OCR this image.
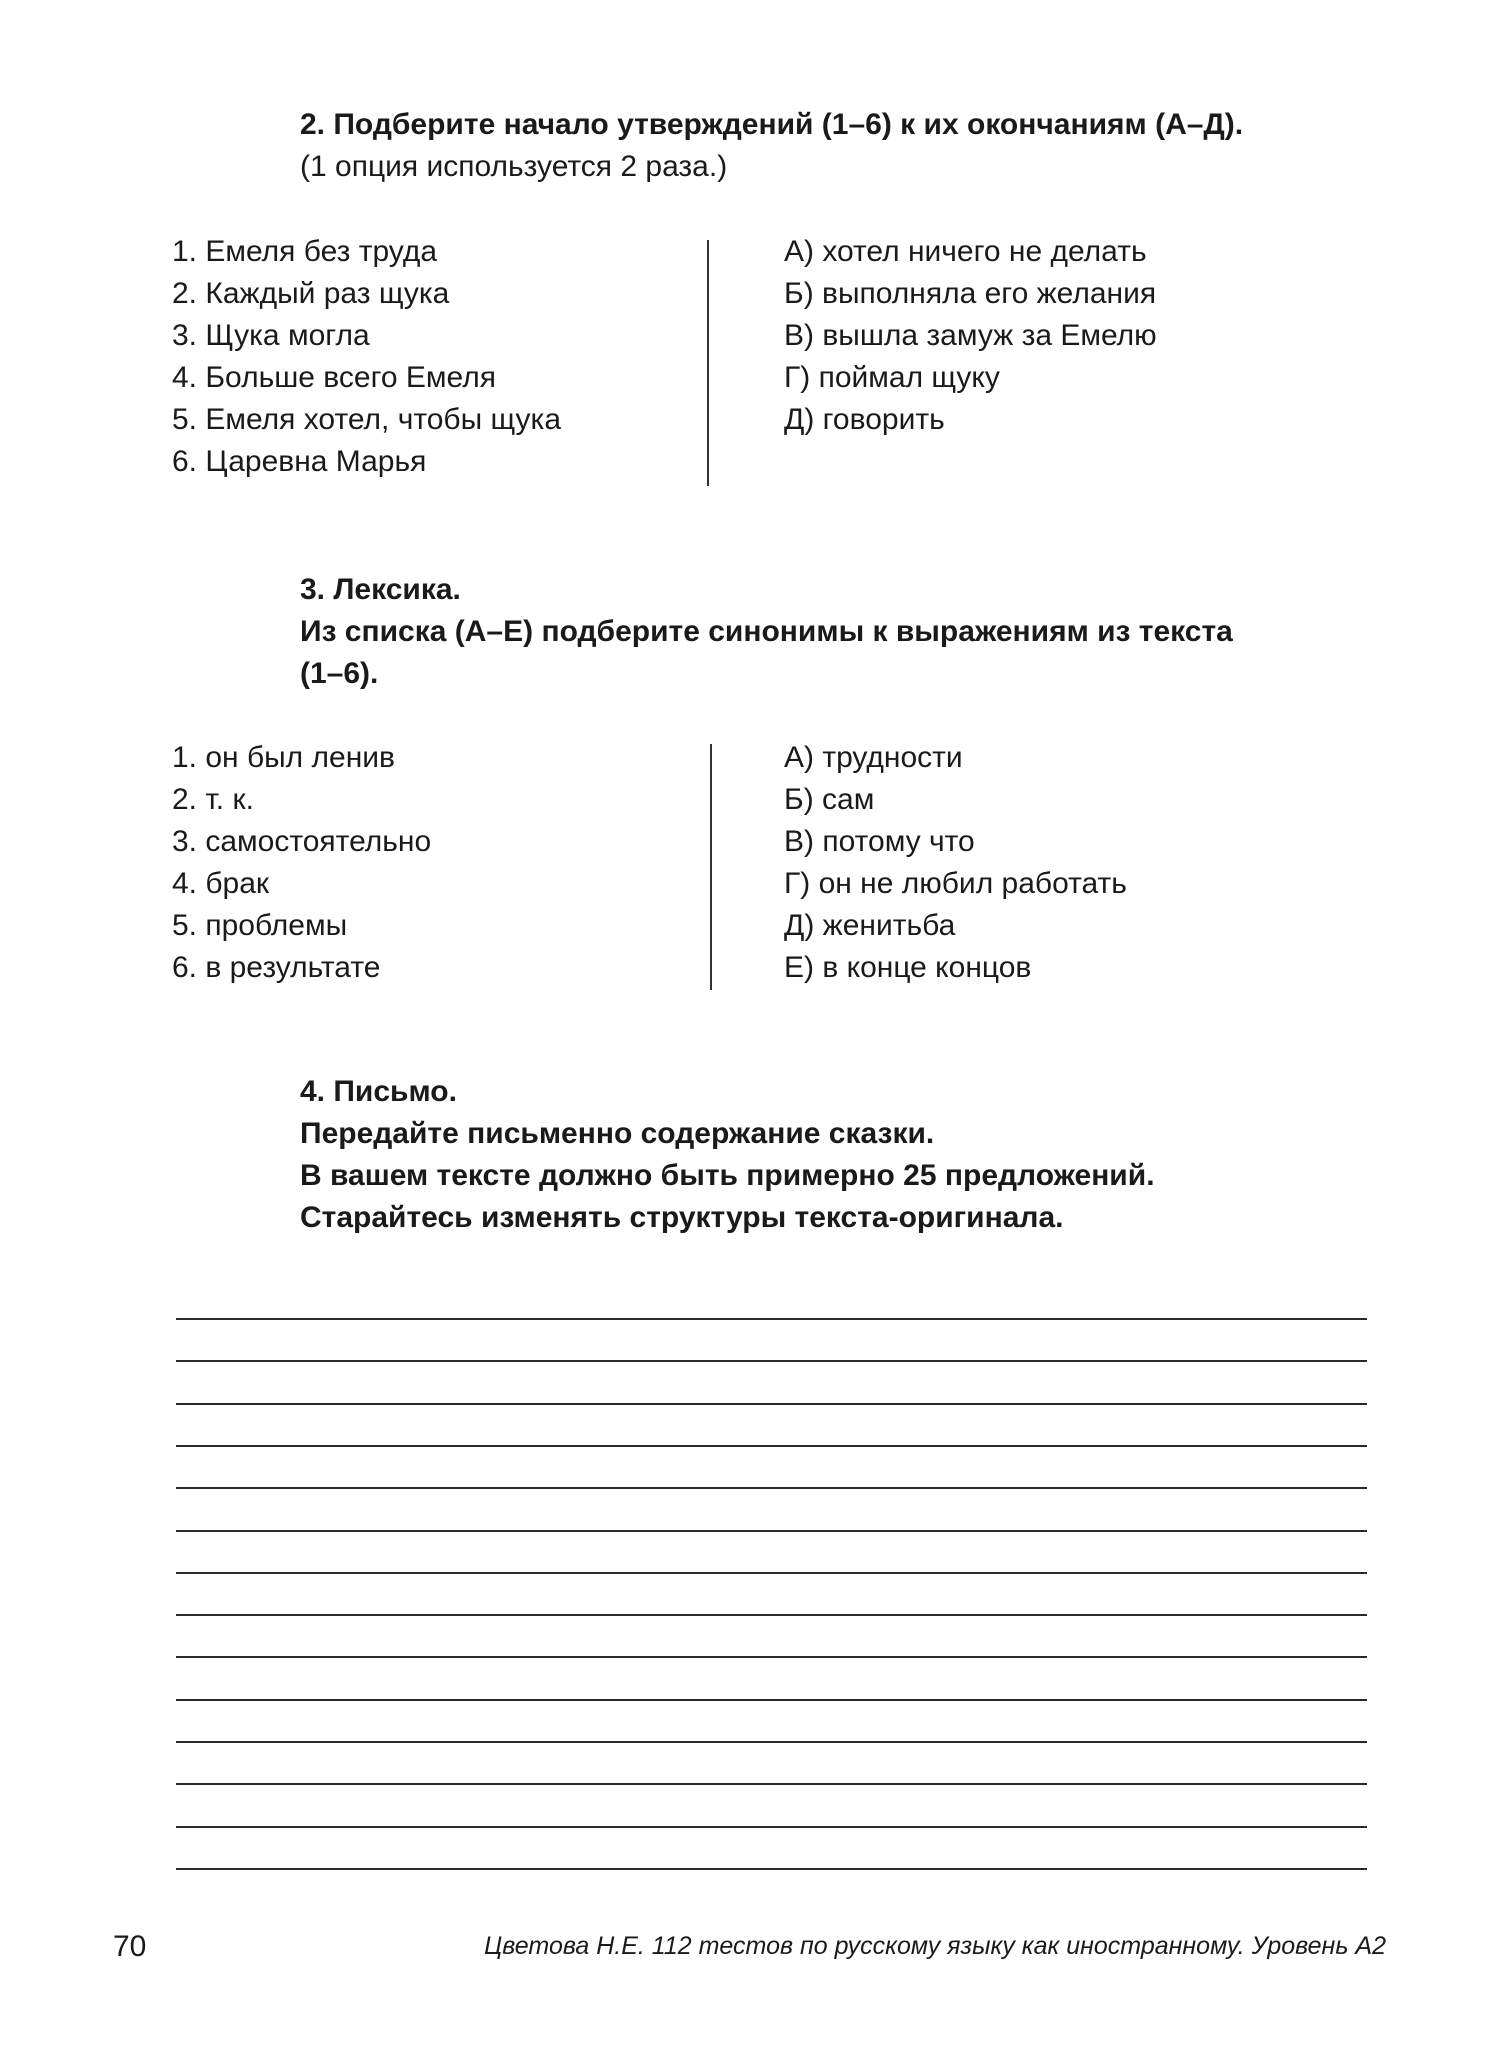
2. Подберите начало утверждений (1–6) к их окончаниям (А–Д).
(1 опция используется 2 раза.)
1. Емеля без труда
2. Каждый раз щука
3. Щука могла
4. Больше всего Емеля
5. Емеля хотел, чтобы щука
6. Царевна Марья
А) хотел ничего не делать
Б) выполняла его желания
В) вышла замуж за Емелю
Г) поймал щуку
Д) говорить
3. Лексика.
Из списка (А–Е) подберите синонимы к выражениям из текста
(1–6).
1. он был ленив
2. т. к.
3. самостоятельно
4. брак
5. проблемы
6. в результате
А) трудности
Б) сам
В) потому что
Г) он не любил работать
Д) женитьба
Е) в конце концов
4. Письмо.
Передайте письменно содержание сказки.
В вашем тексте должно быть примерно 25 предложений.
Старайтесь изменять структуры текста-оригинала.
70	Цветова Н.Е. 112 тестов по русскому языку как иностранному. Уровень А2
